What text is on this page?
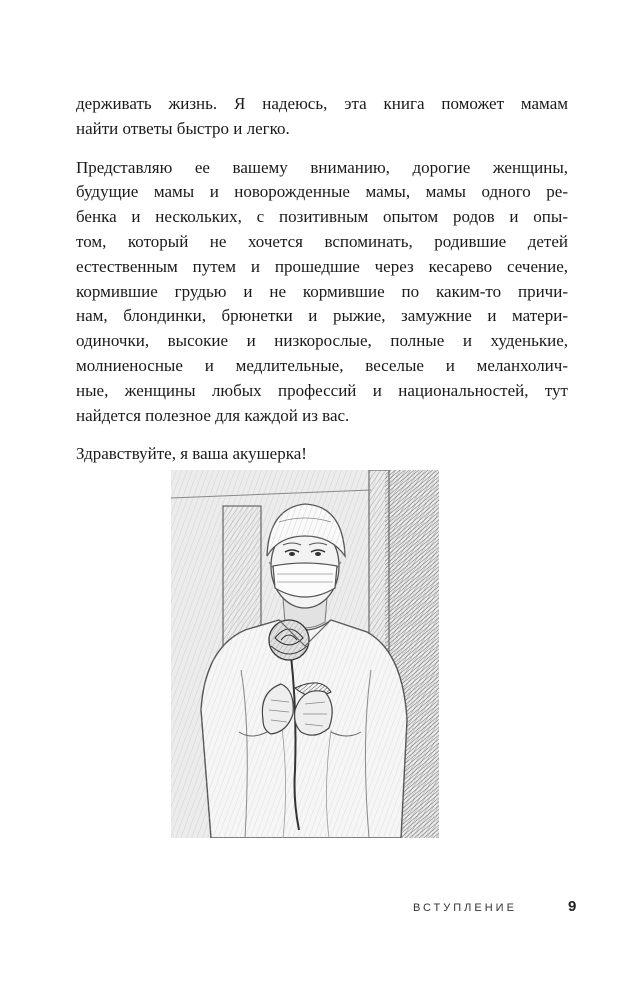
держивать жизнь. Я надеюсь, эта книга поможет мамам
найти ответы быстро и легко.

Представляю ее вашему вниманию, дорогие женщины,
будущие мамы и новорожденные мамы, мамы одного ре-
бенка и нескольких, с позитивным опытом родов и опы-
том, который не хочется вспоминать, родившие детей
естественным путем и прошедшие через кесарево сечение,
кормившие грудью и не кормившие по каким-то причи-
нам, блондинки, брюнетки и рыжие, замужние и матери-
одиночки, высокие и низкорослые, полные и худенькие,
молниеносные и медлительные, веселые и меланхолич-
ные, женщины любых профессий и национальностей, тут
найдется полезное для каждой из вас.

Здравствуйте, я ваша акушерка!

ВСТУПЛЕНИЕ	9
